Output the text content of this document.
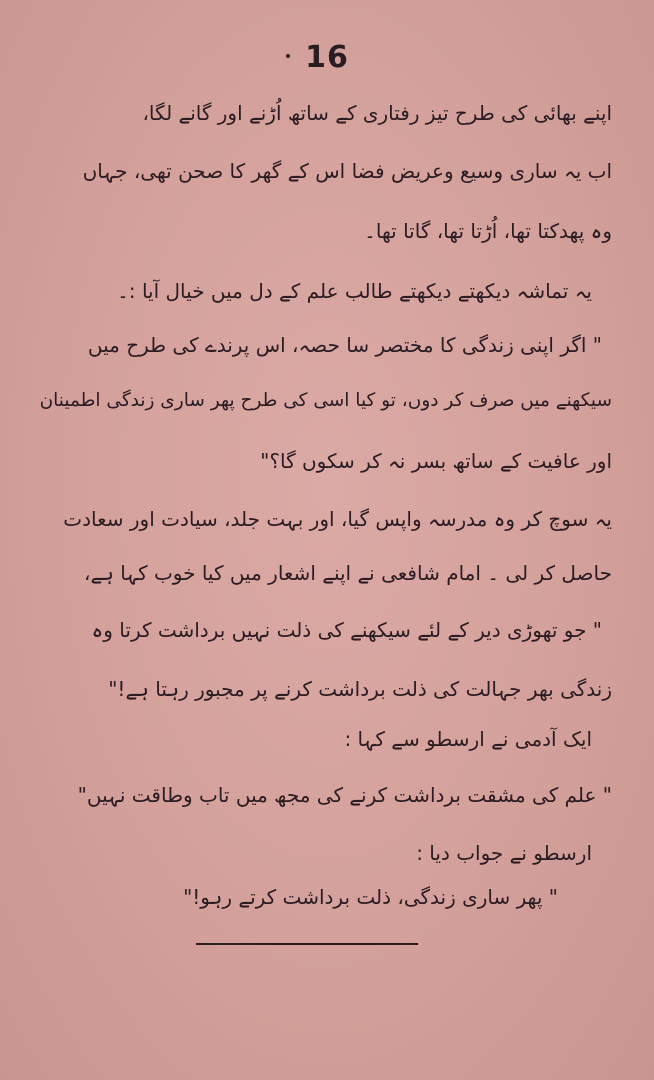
16
اپنے بھائی کی طرح تیز رفتاری کے ساتھ اُڑنے اور گانے لگا،
اب یہ ساری وسیع وعریض فضا اس کے گھر کا صحن تھی، جہاں
وہ پھدکتا تھا، اُڑتا تھا، گاتا تھا۔
یہ تماشہ دیکھتے دیکھتے طالب علم کے دل میں خیال آیا :۔
" اگر اپنی زندگی کا مختصر سا حصہ، اس پرندے کی طرح میں
سیکھنے میں صرف کر دوں، تو کیا اسی کی طرح پھر ساری زندگی اطمینان
اور عافیت کے ساتھ بسر نہ کر سکوں گا؟"
یہ سوچ کر وہ مدرسہ واپس گیا، اور بہت جلد، سیادت اور سعادت
حاصل کر لی ۔ امام شافعی نے اپنے اشعار میں کیا خوب کہا ہے،
" جو تھوڑی دیر کے لئے سیکھنے کی ذلت نہیں برداشت کرتا وہ
زندگی بھر جہالت کی ذلت برداشت کرنے پر مجبور رہتا ہے!"
ایک آدمی نے ارسطو سے کہا :
" علم کی مشقت برداشت کرنے کی مجھ میں تاب وطاقت نہیں"
ارسطو نے جواب دیا :
" پھر ساری زندگی، ذلت برداشت کرتے رہو!"
